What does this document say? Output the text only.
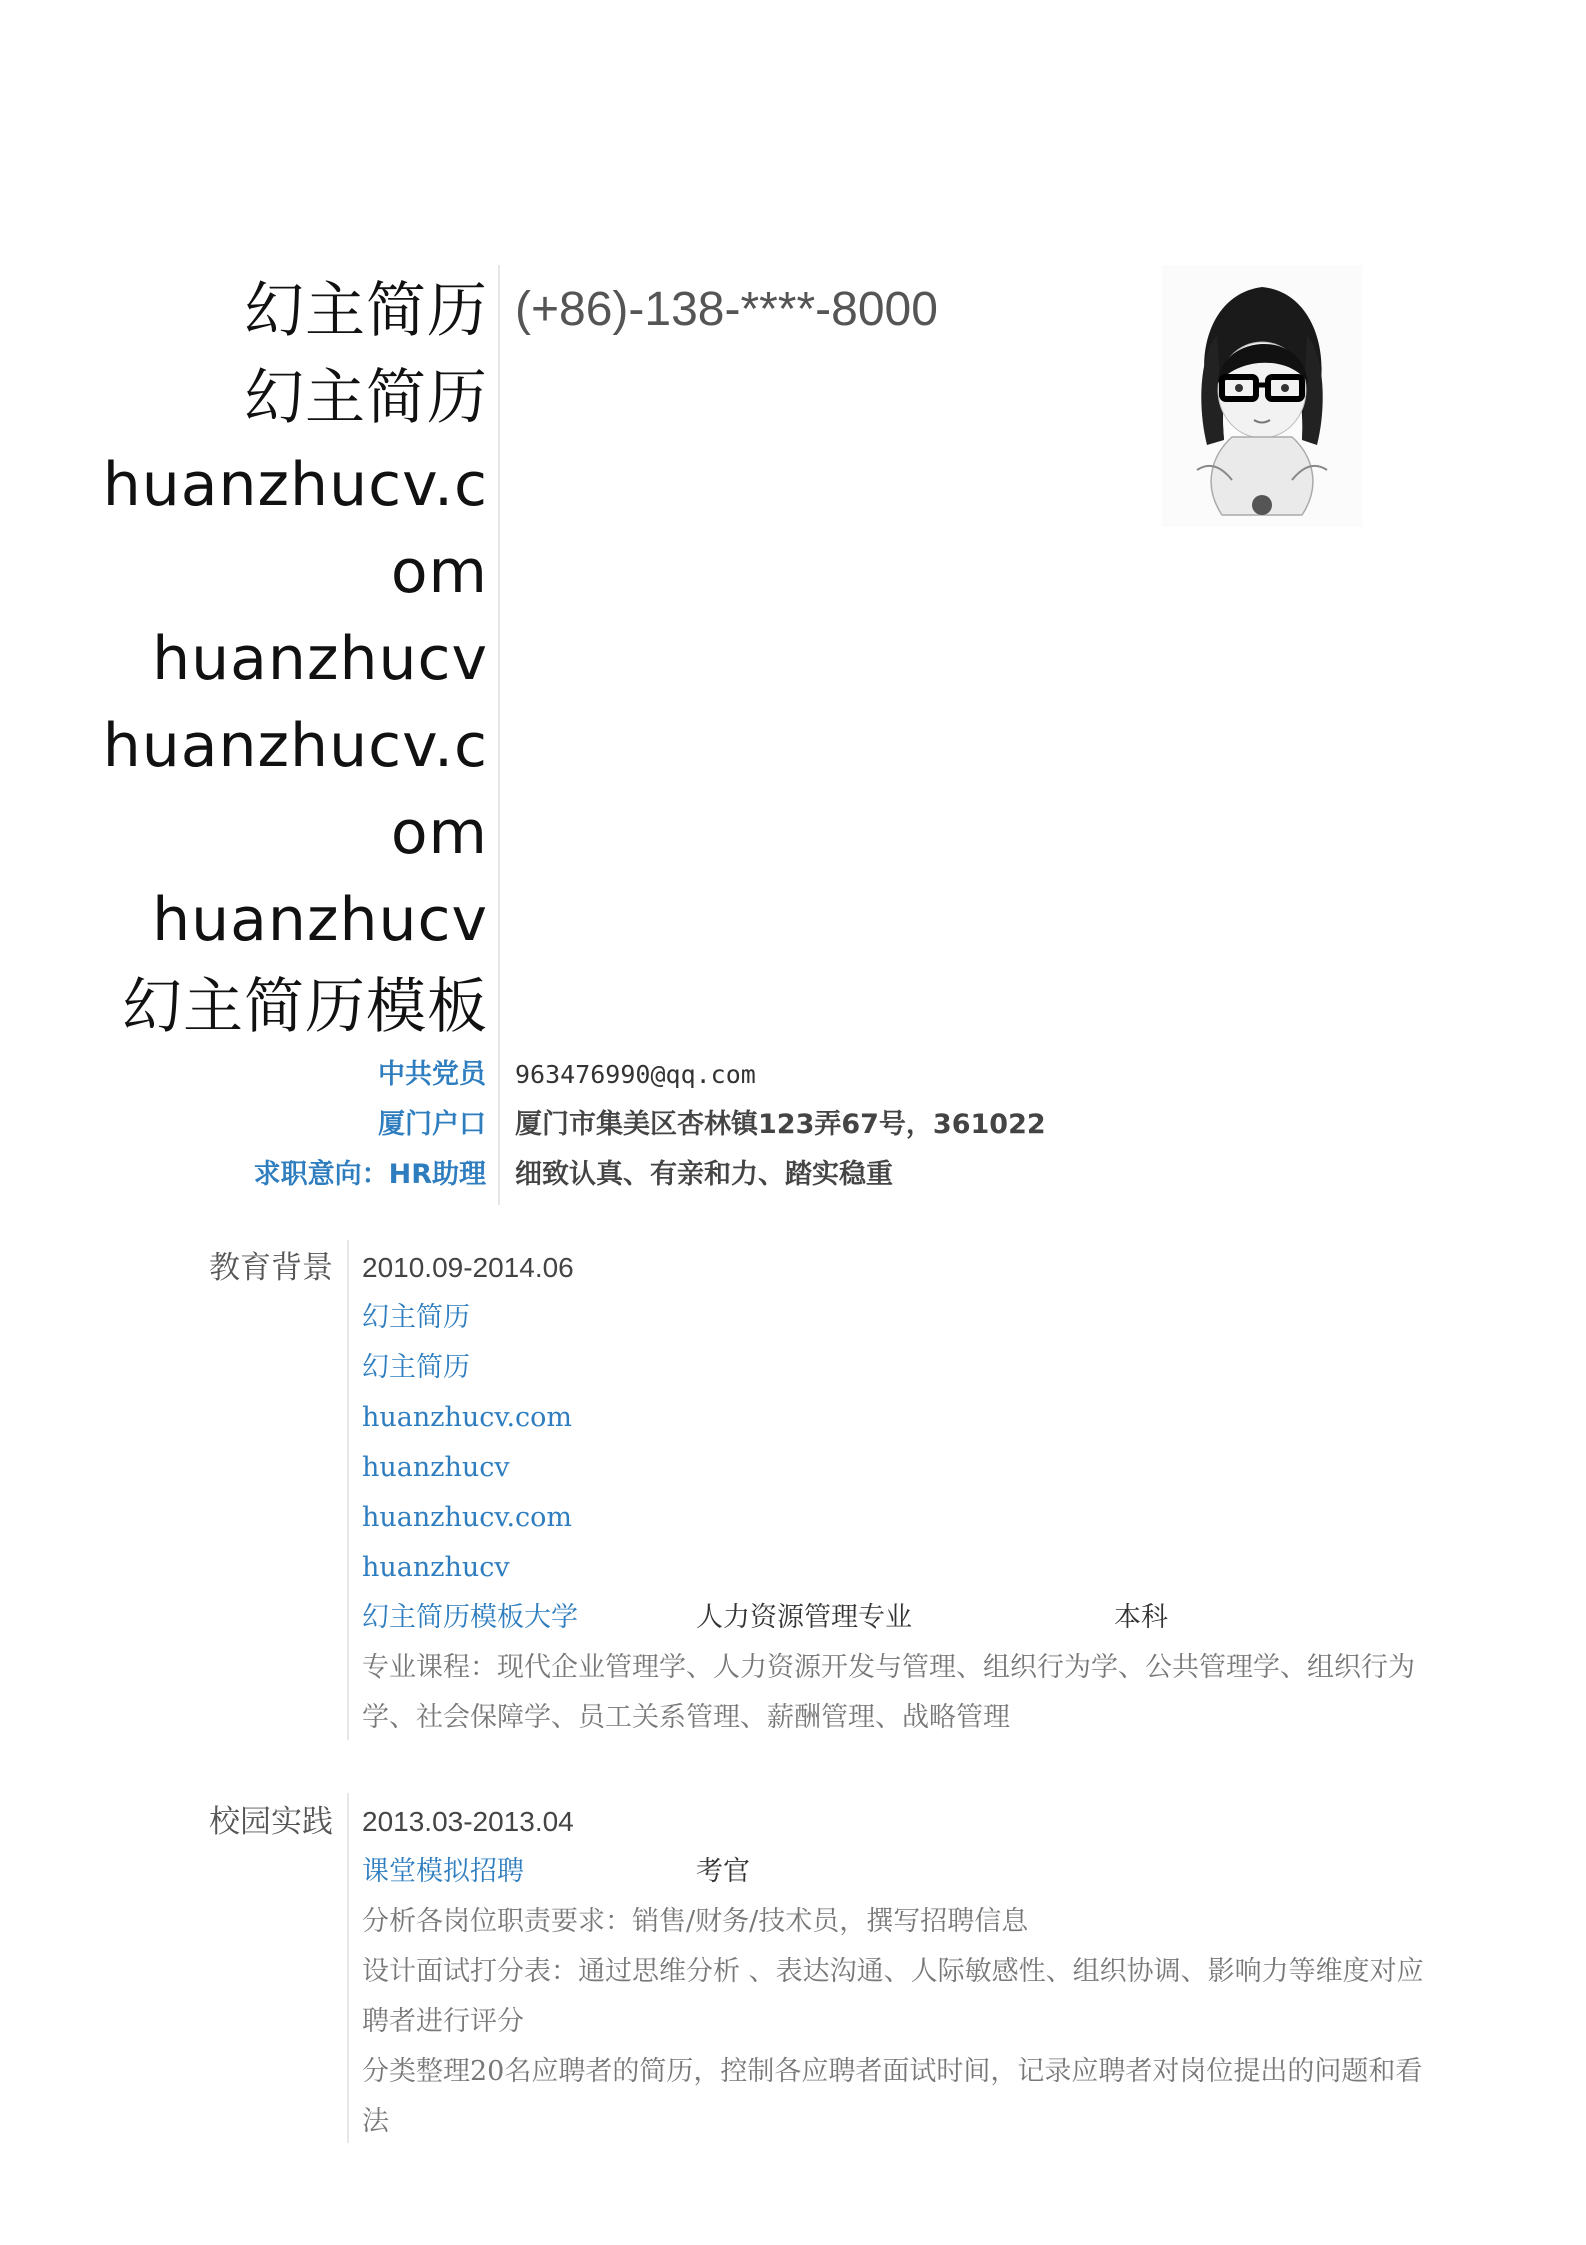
幻主简历
幻主简历
huanzhucv.c
om
huanzhucv
huanzhucv.c
om
huanzhucv
幻主简历模板
(+86)-138-****-8000
中共党员 963476990@qq.com
厦门户口 厦门市集美区杏林镇123弄67号，361022
求职意向：HR助理 细致认真、有亲和力、踏实稳重
教育背景 2010.09-2014.06
幻主简历
幻主简历
huanzhucv.com
huanzhucv
huanzhucv.com
huanzhucv
幻主简历模板大学	人力资源管理专业	本科
专业课程：现代企业管理学、人力资源开发与管理、组织行为学、公共管理学、组织行为学、社会保障学、员工关系管理、薪酬管理、战略管理
校园实践 2013.03-2013.04
课堂模拟招聘	考官
分析各岗位职责要求：销售/财务/技术员，撰写招聘信息
设计面试打分表：通过思维分析 、表达沟通、人际敏感性、组织协调、影响力等维度对应聘者进行评分
分类整理20名应聘者的简历，控制各应聘者面试时间，记录应聘者对岗位提出的问题和看法
